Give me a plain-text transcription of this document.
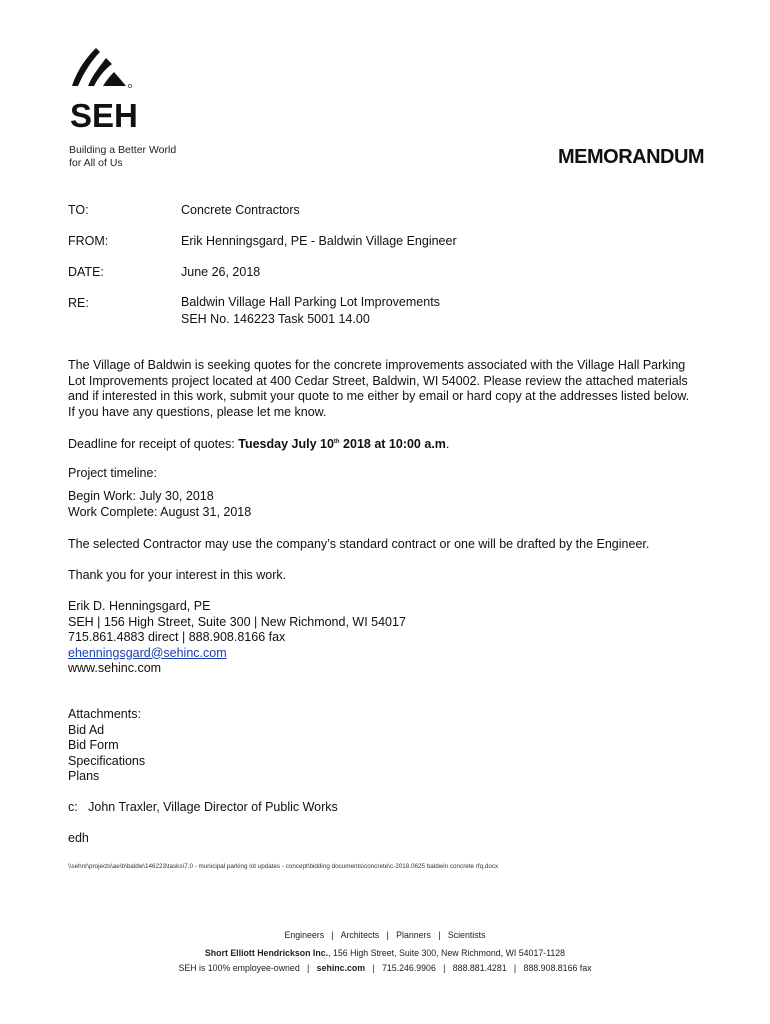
SEH
Building a Better World
for All of Us	MEMORANDUM
TO:	Concrete Contractors
FROM:	Erik Henningsgard, PE - Baldwin Village Engineer
DATE:	June 26, 2018
RE:	Baldwin Village Hall Parking Lot Improvements
SEH No. 146223 Task 5001 14.00
The Village of Baldwin is seeking quotes for the concrete improvements associated with the Village Hall Parking
Lot Improvements project located at 400 Cedar Street, Baldwin, WI 54002. Please review the attached materials
and if interested in this work, submit your quote to me either by email or hard copy at the addresses listed below.
If you have any questions, please let me know.
Deadline for receipt of quotes: Tuesday July 10th 2018 at 10:00 a.m.
Project timeline:
Begin Work: July 30, 2018
Work Complete: August 31, 2018
The selected Contractor may use the company’s standard contract or one will be drafted by the Engineer.
Thank you for your interest in this work.
Erik D. Henningsgard, PE
SEH | 156 High Street, Suite 300 | New Richmond, WI 54017
715.861.4883 direct | 888.908.8166 fax
ehenningsgard@sehinc.com
www.sehinc.com
Attachments:
Bid Ad
Bid Form
Specifications
Plans
c:   John Traxler, Village Director of Public Works
edh
\\sehnr\projects\ae\b\baldw\146223\tasks\7.0 - municipal parking lot updates - concept\bidding documents\concrete\c-2018.0625 baldwin concrete rfq.docx
Engineers   |   Architects   |   Planners   |   Scientists
Short Elliott Hendrickson Inc., 156 High Street, Suite 300, New Richmond, WI 54017-1128
SEH is 100% employee-owned   |   sehinc.com   |   715.246.9906   |   888.881.4281   |   888.908.8166 fax
